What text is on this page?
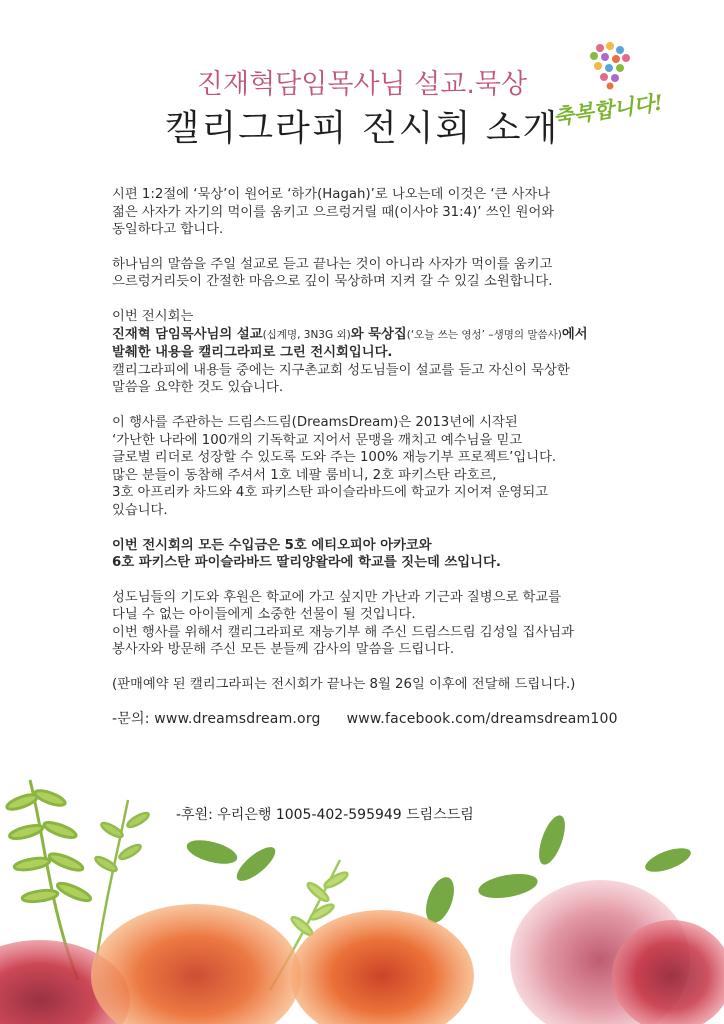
진재혁담임목사님 설교.묵상
캘리그라피 전시회 소개
축복합니다!

시편 1:2절에 ‘묵상’이 원어로 ‘하가(Hagah)’로 나오는데 이것은 ‘큰 사자나
젊은 사자가 자기의 먹이를 움키고 으르렁거릴 때(이사야 31:4)’ 쓰인 원어와
동일하다고 합니다.

하나님의 말씀을 주일 설교로 듣고 끝나는 것이 아니라 사자가 먹이를 움키고
으르렁거리듯이 간절한 마음으로 깊이 묵상하며 지켜 갈 수 있길 소원합니다.

이번 전시회는
진재혁 담임목사님의 설교(십계명, 3N3G 외)와 묵상집(‘오늘 쓰는 영성’ –생명의 말씀사)에서
발췌한 내용을 캘리그라피로 그린 전시회입니다.
캘리그라피에 내용들 중에는 지구촌교회 성도님들이 설교를 듣고 자신이 묵상한
말씀을 요약한 것도 있습니다.

이 행사를 주관하는 드림스드림(DreamsDream)은 2013년에 시작된
‘가난한 나라에 100개의 기독학교 지어서 문맹을 깨치고 예수님을 믿고
글로벌 리더로 성장할 수 있도록 도와 주는 100% 재능기부 프로젝트’입니다.
많은 분들이 동참해 주셔서 1호 네팔 룸비니, 2호 파키스탄 라호르,
3호 아프리카 차드와 4호 파키스탄 파이슬라바드에 학교가 지어져 운영되고
있습니다.

이번 전시회의 모든 수입금은 5호 에티오피아 아카코와
6호 파키스탄 파이슬라바드 딸리양왈라에 학교를 짓는데 쓰입니다.

성도님들의 기도와 후원은 학교에 가고 싶지만 가난과 기근과 질병으로 학교를
다닐 수 없는 아이들에게 소중한 선물이 될 것입니다.
이번 행사를 위해서 캘리그라피로 재능기부 해 주신 드림스드림 김성일 집사님과
봉사자와 방문해 주신 모든 분들께 감사의 말씀을 드립니다.

(판매예약 된 캘리그라피는 전시회가 끝나는 8월 26일 이후에 전달해 드립니다.)

-문의: www.dreamsdream.org www.facebook.com/dreamsdream100
-후원: 우리은행 1005-402-595949 드림스드림
